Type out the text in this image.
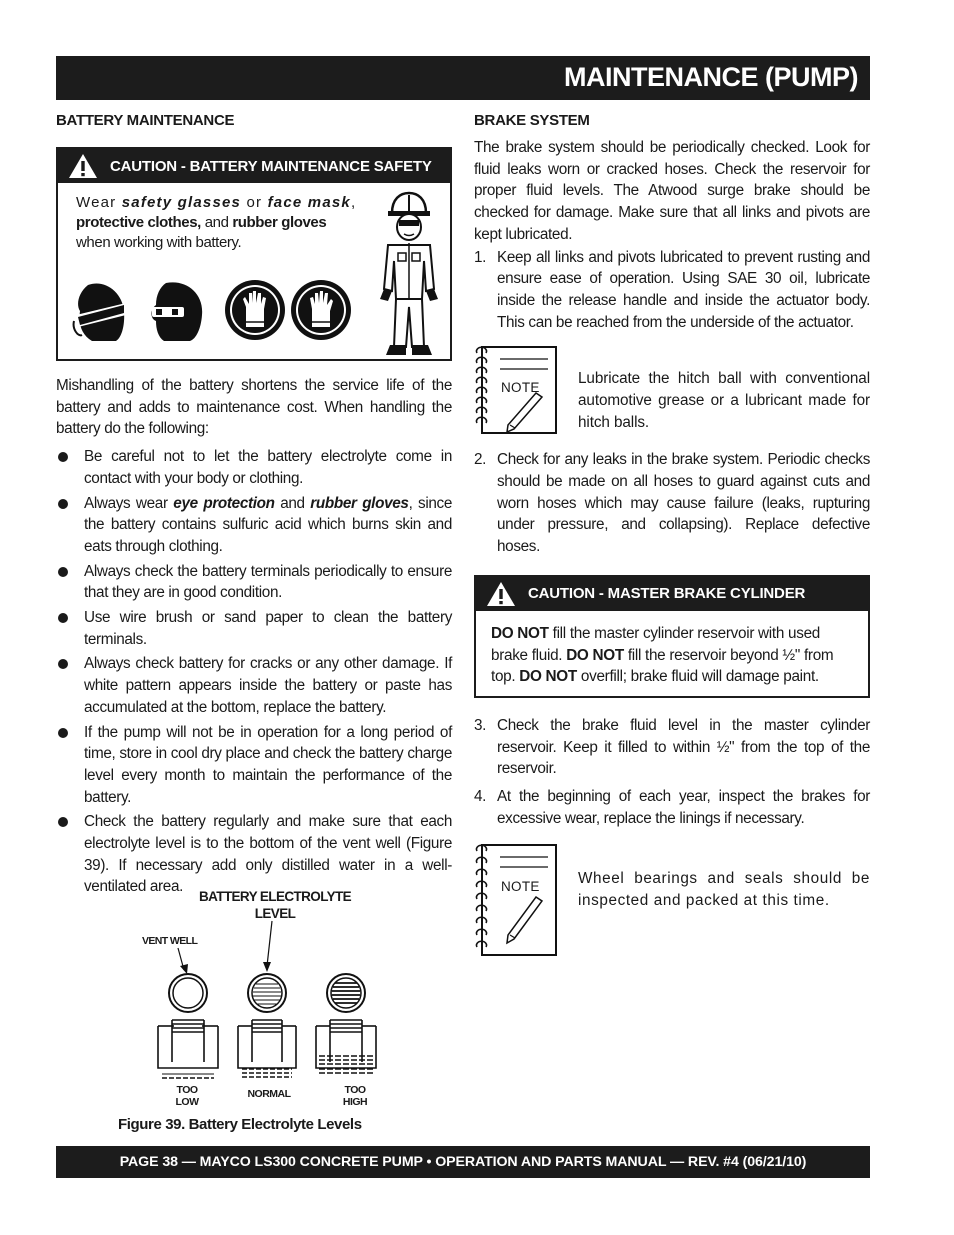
MAINTENANCE (PUMP)
BATTERY MAINTENANCE
CAUTION - BATTERY MAINTENANCE SAFETY
Wear safety glasses or face mask,
protective clothes, and rubber gloves when working with battery.
Mishandling of the battery shortens the service life of the battery and adds to maintenance cost. When handling the battery do the following:
Be careful not to let the battery electrolyte come in contact with your body or clothing.
Always wear eye protection and rubber gloves, since the battery contains sulfuric acid which burns skin and eats through clothing.
Always check the battery terminals periodically to ensure that they are in good condition.
Use wire brush or sand paper to clean the battery terminals.
Always check battery for cracks or any other damage. If white pattern appears inside the battery or paste has accumulated at the bottom, replace the battery.
If the pump will not be in operation for a long period of time, store in cool dry place and check the battery charge level every month to maintain the performance of the battery.
Check the battery regularly and make sure that each electrolyte level is to the bottom of the vent well (Figure 39). If necessary add only distilled water in a well-ventilated area.
BATTERY ELECTROLYTE
LEVEL
VENT WELL
TOO
LOW
NORMAL	TOO
HIGH
Figure 39. Battery Electrolyte Levels
BRAKE SYSTEM
The brake system should be periodically checked. Look for fluid leaks worn or cracked hoses. Check the reservoir for proper fluid levels. The Atwood surge brake should be checked for damage. Make sure that all links and pivots are kept lubricated.
1. Keep all links and pivots lubricated to prevent rusting and ensure ease of operation. Using SAE 30 oil, lubricate inside the release handle and inside the actuator body. This can be reached from the underside of the actuator.
NOTE
Lubricate the hitch ball with conventional automotive grease or a lubricant made for hitch balls.
2. Check for any leaks in the brake system. Periodic checks should be made on all hoses to guard against cuts and worn hoses which may cause failure (leaks, rupturing under pressure, and collapsing). Replace defective hoses.
CAUTION - MASTER BRAKE CYLINDER
DO NOT fill the master cylinder reservoir with used brake fluid. DO NOT fill the reservoir beyond ½" from top. DO NOT overfill; brake fluid will damage paint.
3. Check the brake fluid level in the master cylinder reservoir. Keep it filled to within ½" from the top of the reservoir.
4. At the beginning of each year, inspect the brakes for excessive wear, replace the linings if necessary.
NOTE	Wheel bearings and seals should be inspected and packed at this time.
PAGE 38 — MAYCO LS300 CONCRETE PUMP • OPERATION AND PARTS MANUAL — REV. #4 (06/21/10)
